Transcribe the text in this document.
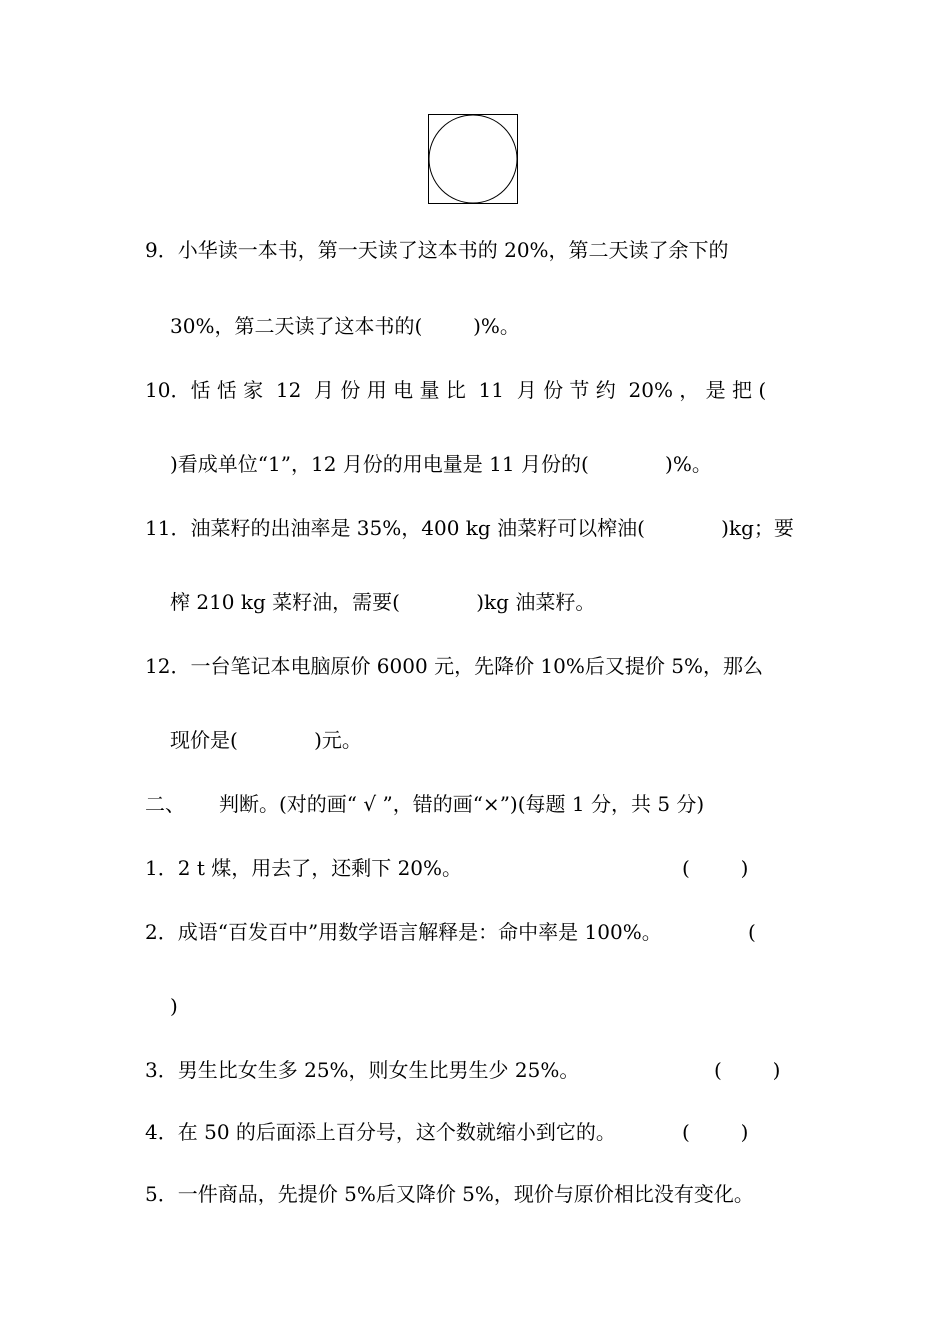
9．小华读一本书，第一天读了这本书的 20%，第二天读了余下的
30%，第二天读了这本书的(        )%。
10．恬 恬 家  12  月 份 用 电 量 比  11  月 份 节 约  20% ， 是 把 (
)看成单位“1”，12 月份的用电量是 11 月份的(            )%。
11．油菜籽的出油率是 35%，400 kg 油菜籽可以榨油(            )kg；要
榨 210 kg 菜籽油，需要(            )kg 油菜籽。
12．一台笔记本电脑原价 6000 元，先降价 10%后又提价 5%，那么
现价是(            )元。
二、 判断。(对的画“ √ ”，错的画“×”)(每题 1 分，共 5 分)
1．2 t 煤，用去了，还剩下 20%。	(        )
2．成语“百发百中”用数学语言解释是：命中率是 100%。	(
)
3．男生比女生多 25%，则女生比男生少 25%。	(        )
4．在 50 的后面添上百分号，这个数就缩小到它的。	(        )
5．一件商品，先提价 5%后又降价 5%，现价与原价相比没有变化。
